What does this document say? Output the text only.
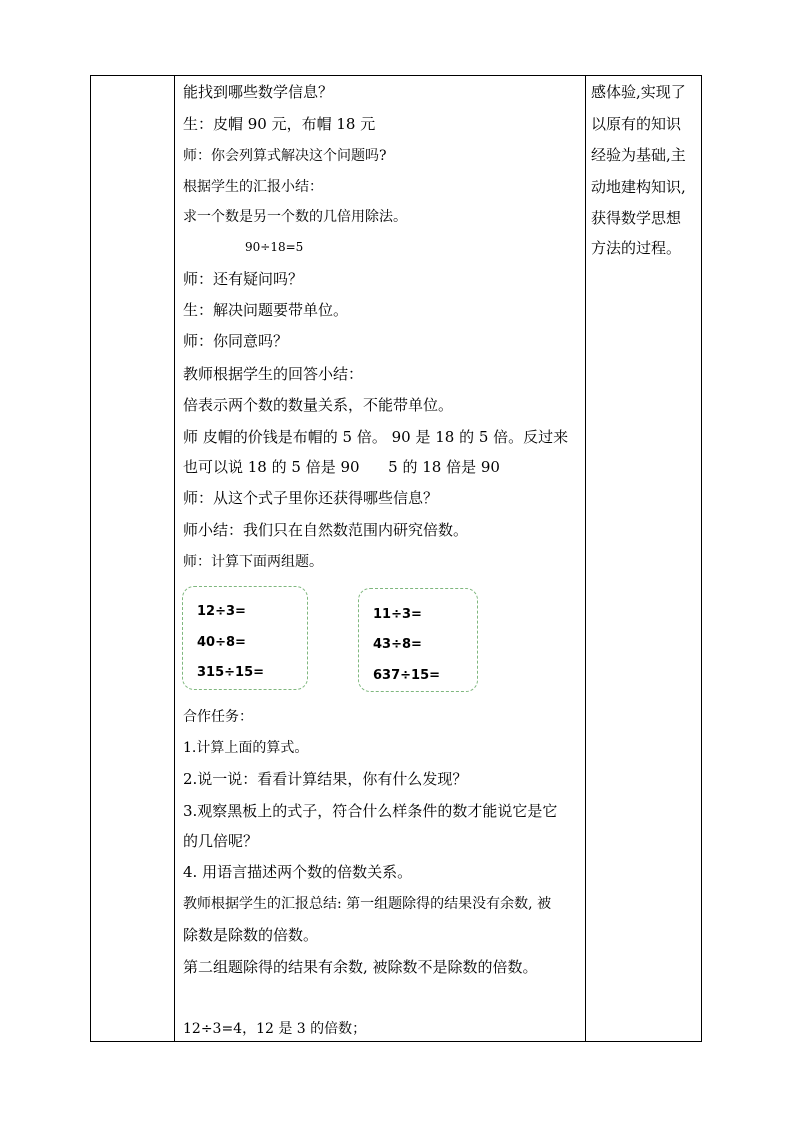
能找到哪些数学信息？
生：皮帽 90 元，布帽 18 元
师：你会列算式解决这个问题吗?
根据学生的汇报小结：
求一个数是另一个数的几倍用除法。
90÷18=5
师：还有疑问吗？
生：解决问题要带单位。
师：你同意吗？
教师根据学生的回答小结：
倍表示两个数的数量关系，不能带单位。
师 皮帽的价钱是布帽的 5 倍。 90 是 18 的 5 倍。反过来
也可以说 18 的 5 倍是 90      5 的 18 倍是 90
师：从这个式子里你还获得哪些信息？
师小结：我们只在自然数范围内研究倍数。
师：计算下面两组题。
12÷3=
40÷8=
315÷15=
11÷3=
43÷8=
637÷15=
合作任务：
1.计算上面的算式。
2.说一说：看看计算结果，你有什么发现？
3.观察黑板上的式子，符合什么样条件的数才能说它是它
的几倍呢？
4. 用语言描述两个数的倍数关系。
教师根据学生的汇报总结: 第一组题除得的结果没有余数, 被
除数是除数的倍数。
第二组题除得的结果有余数, 被除数不是除数的倍数。
12÷3=4，12 是 3 的倍数；
感体验,实现了
以原有的知识
经验为基础,主
动地建构知识,
获得数学思想
方法的过程。
